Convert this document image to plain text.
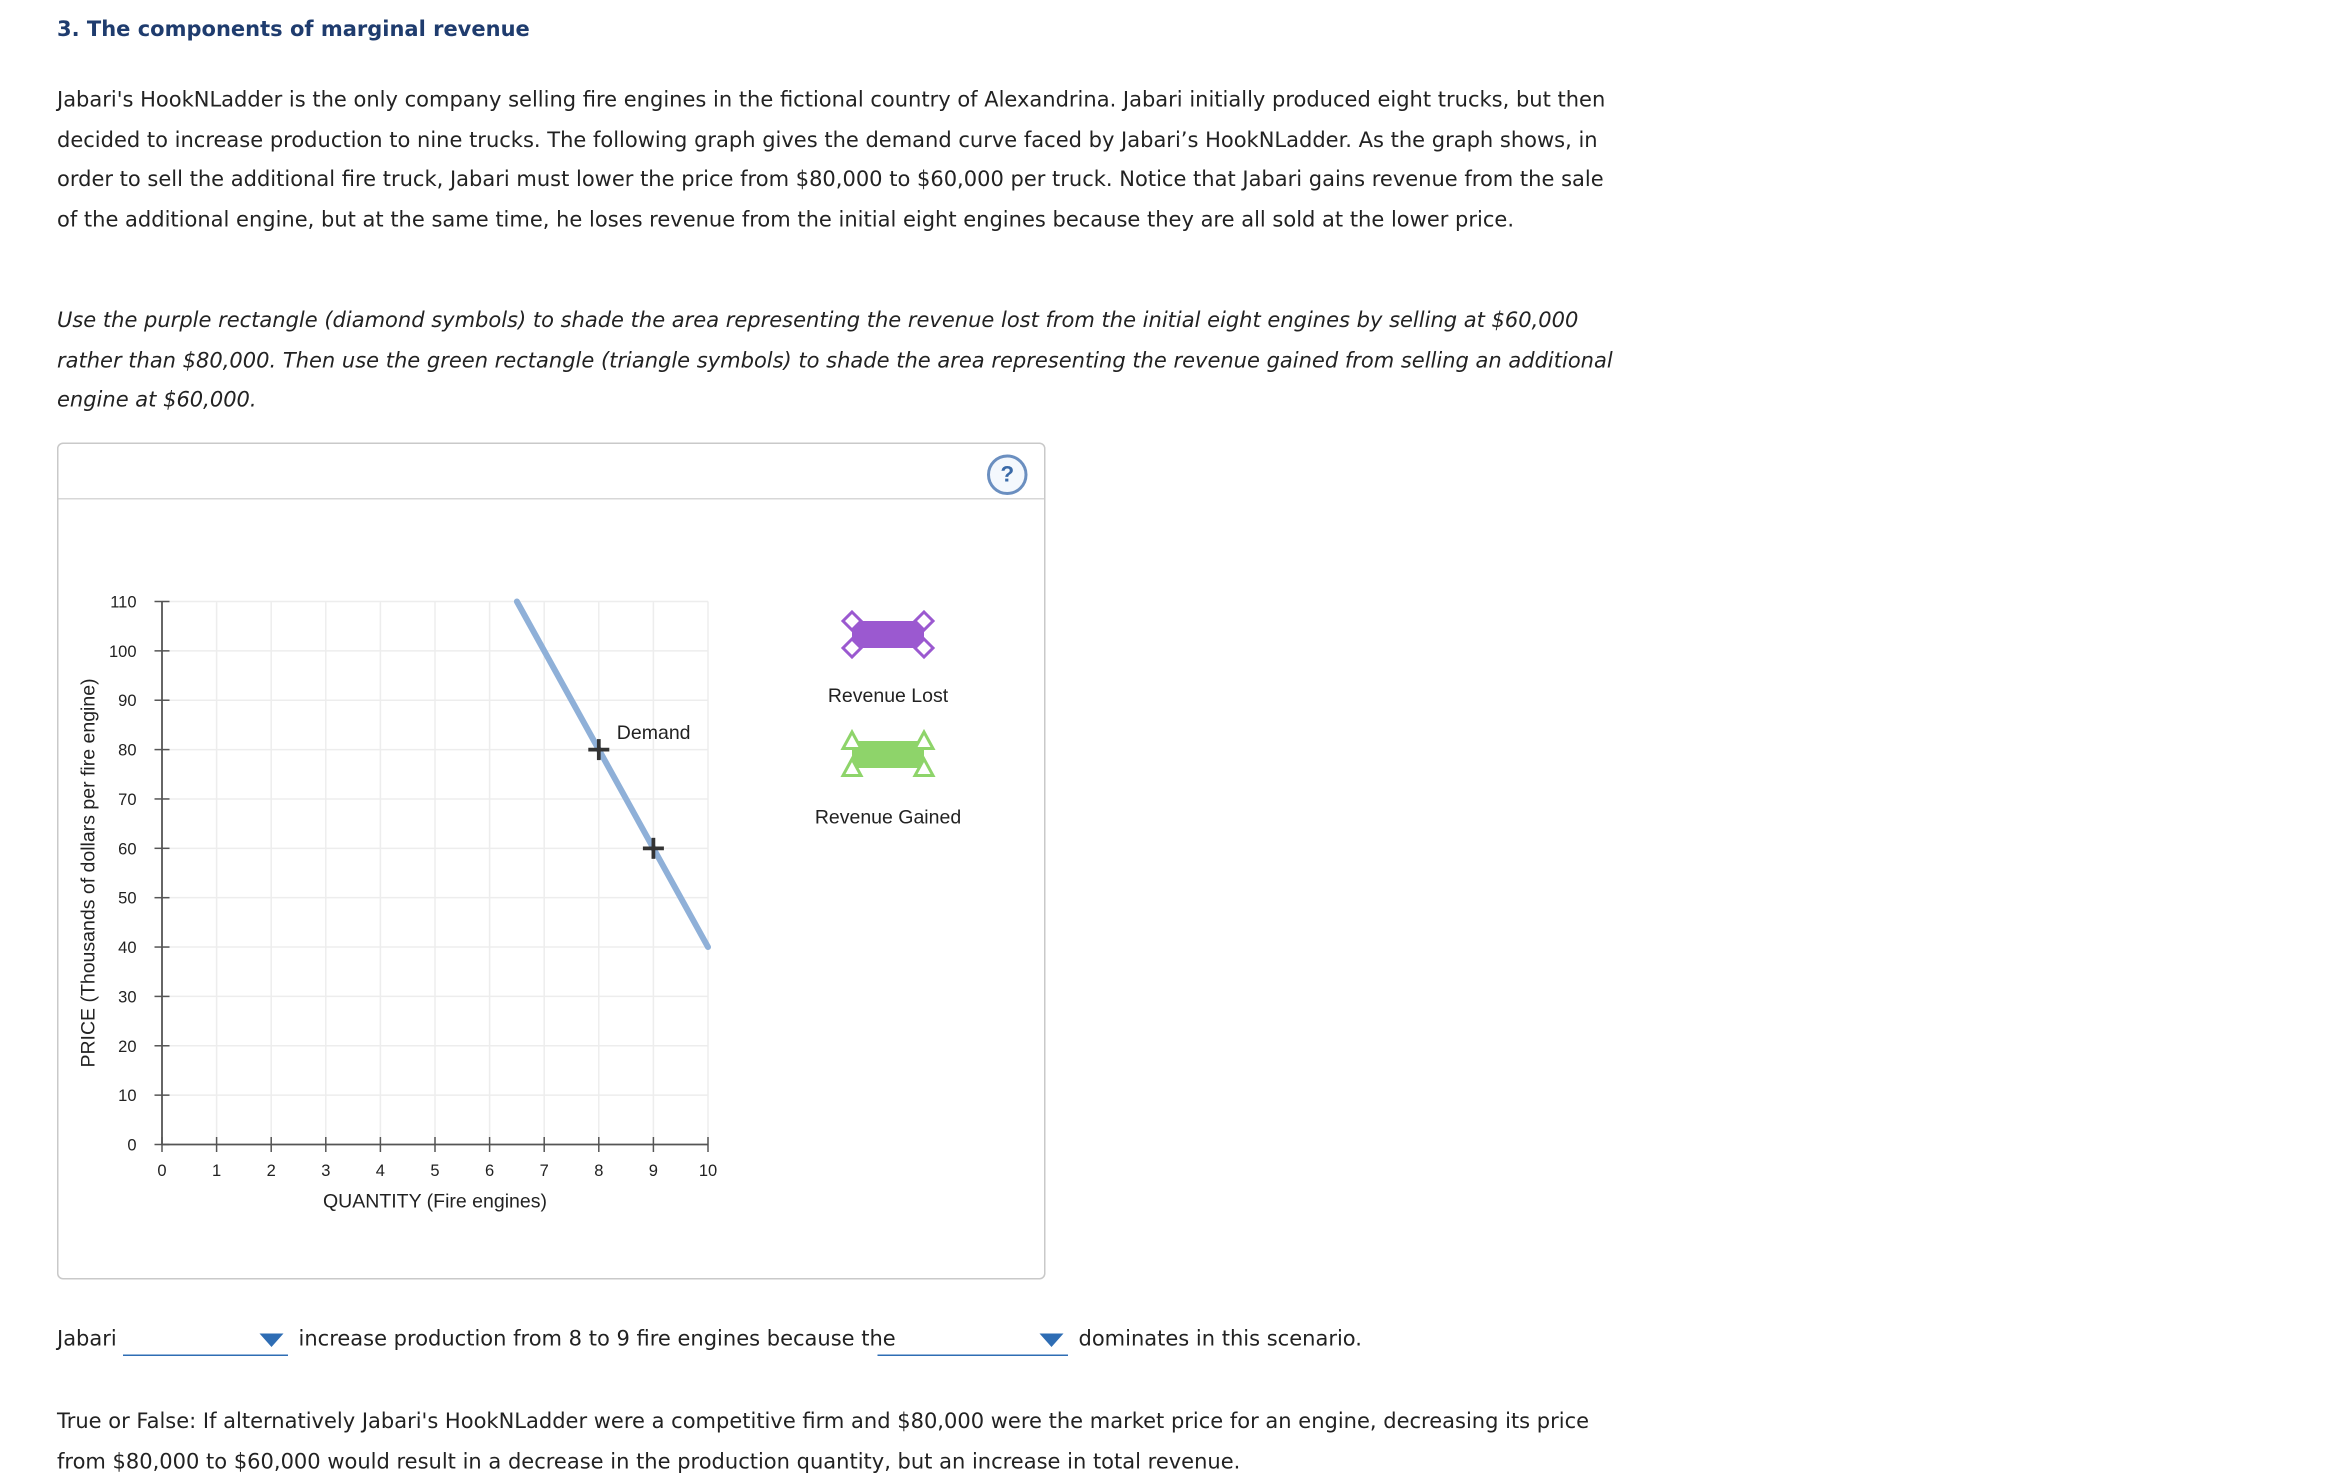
3. The components of marginal revenue
Jabari's HookNLadder is the only company selling fire engines in the fictional country of Alexandrina. Jabari initially produced eight trucks, but then decided to increase production to nine trucks. The following graph gives the demand curve faced by Jabari’s HookNLadder. As the graph shows, in order to sell the additional fire truck, Jabari must lower the price from $80,000 to $60,000 per truck. Notice that Jabari gains revenue from the sale of the additional engine, but at the same time, he loses revenue from the initial eight engines because they are all sold at the lower price.
Use the purple rectangle (diamond symbols) to shade the area representing the revenue lost from the initial eight engines by selling at $60,000 rather than $80,000. Then use the green rectangle (triangle symbols) to shade the area representing the revenue gained from selling an additional engine at $60,000.
?
0	1	2	3	4	5	6	7	8	9	10
0
10
20
30
40
50
60
70
80
90
100
110
QUANTITY (Fire engines)
PRICE (Thousands of dollars per fire engine)	Demand
Revenue Lost
Revenue Gained
Jabari	increase production from 8 to 9 fire engines because the	dominates in this scenario.
True or False: If alternatively Jabari's HookNLadder were a competitive firm and $80,000 were the market price for an engine, decreasing its price from $80,000 to $60,000 would result in a decrease in the production quantity, but an increase in total revenue.
